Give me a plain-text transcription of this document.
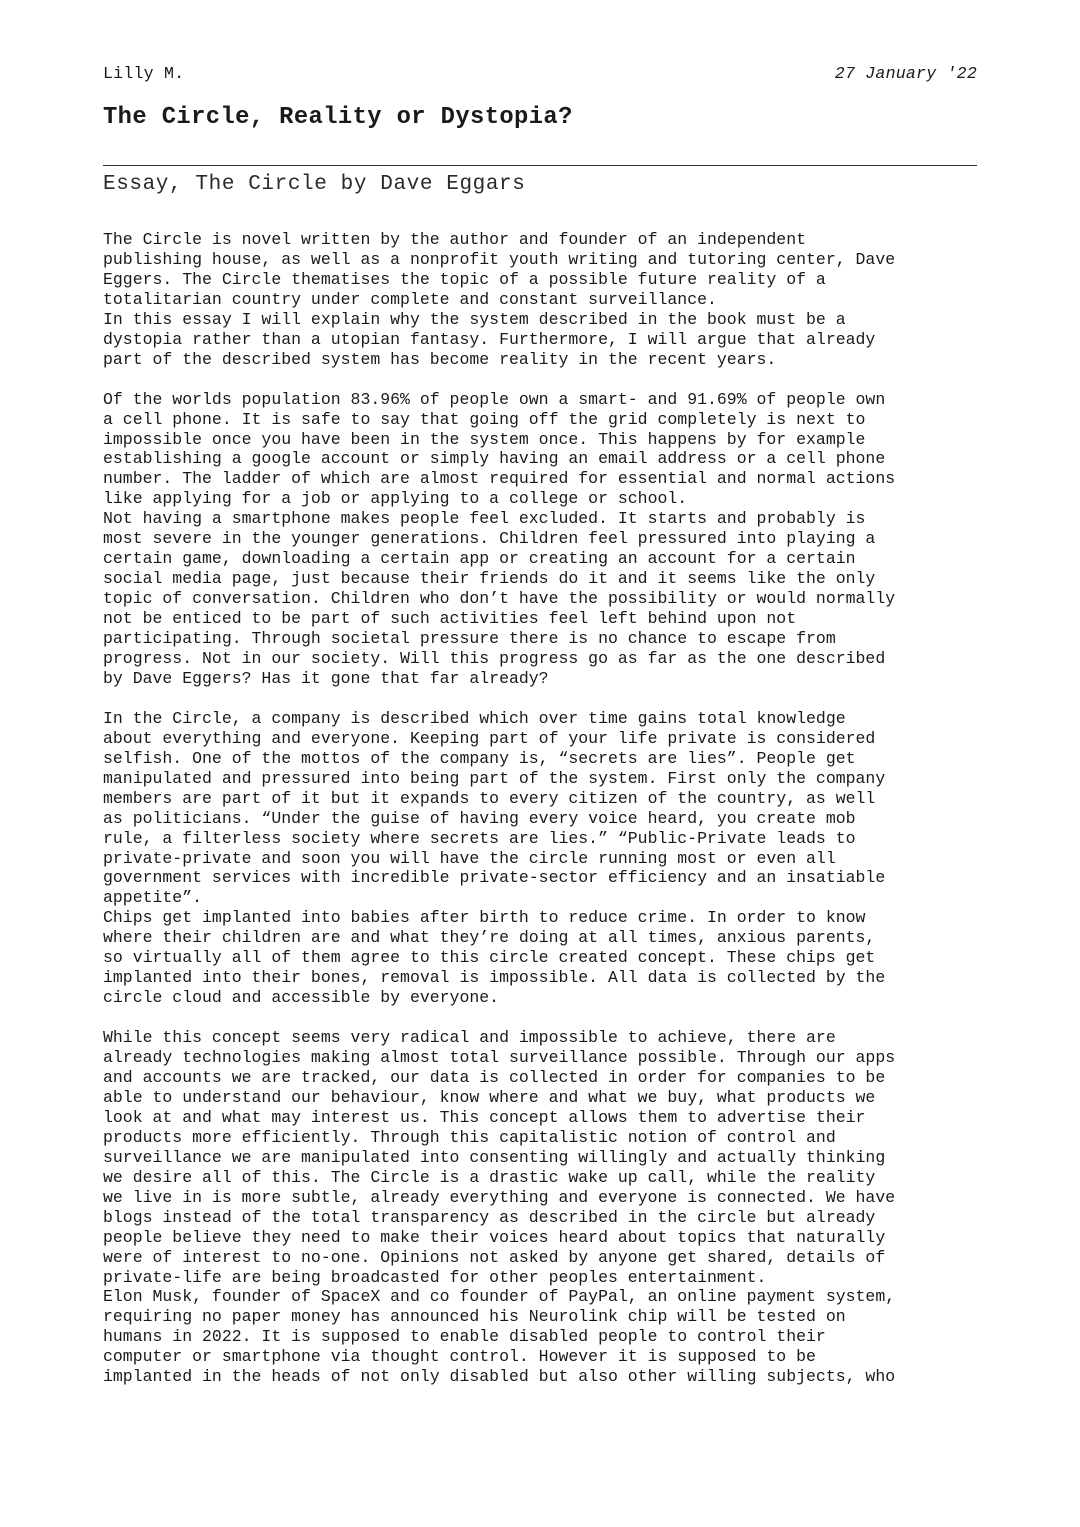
Lilly M.	27 January '22
The Circle, Reality or Dystopia?
Essay, The Circle by Dave Eggars

The Circle is novel written by the author and founder of an independent
publishing house, as well as a nonprofit youth writing and tutoring center, Dave
Eggers. The Circle thematises the topic of a possible future reality of a
totalitarian country under complete and constant surveillance.
In this essay I will explain why the system described in the book must be a
dystopia rather than a utopian fantasy. Furthermore, I will argue that already
part of the described system has become reality in the recent years.

Of the worlds population 83.96% of people own a smart- and 91.69% of people own
a cell phone. It is safe to say that going off the grid completely is next to
impossible once you have been in the system once. This happens by for example
establishing a google account or simply having an email address or a cell phone
number. The ladder of which are almost required for essential and normal actions
like applying for a job or applying to a college or school.
Not having a smartphone makes people feel excluded. It starts and probably is
most severe in the younger generations. Children feel pressured into playing a
certain game, downloading a certain app or creating an account for a certain
social media page, just because their friends do it and it seems like the only
topic of conversation. Children who don’t have the possibility or would normally
not be enticed to be part of such activities feel left behind upon not
participating. Through societal pressure there is no chance to escape from
progress. Not in our society. Will this progress go as far as the one described
by Dave Eggers? Has it gone that far already?

In the Circle, a company is described which over time gains total knowledge
about everything and everyone. Keeping part of your life private is considered
selfish. One of the mottos of the company is, “secrets are lies”. People get
manipulated and pressured into being part of the system. First only the company
members are part of it but it expands to every citizen of the country, as well
as politicians. “Under the guise of having every voice heard, you create mob
rule, a filterless society where secrets are lies.” “Public-Private leads to
private-private and soon you will have the circle running most or even all
government services with incredible private-sector efficiency and an insatiable
appetite”.
Chips get implanted into babies after birth to reduce crime. In order to know
where their children are and what they’re doing at all times, anxious parents,
so virtually all of them agree to this circle created concept. These chips get
implanted into their bones, removal is impossible. All data is collected by the
circle cloud and accessible by everyone.

While this concept seems very radical and impossible to achieve, there are
already technologies making almost total surveillance possible. Through our apps
and accounts we are tracked, our data is collected in order for companies to be
able to understand our behaviour, know where and what we buy, what products we
look at and what may interest us. This concept allows them to advertise their
products more efficiently. Through this capitalistic notion of control and
surveillance we are manipulated into consenting willingly and actually thinking
we desire all of this. The Circle is a drastic wake up call, while the reality
we live in is more subtle, already everything and everyone is connected. We have
blogs instead of the total transparency as described in the circle but already
people believe they need to make their voices heard about topics that naturally
were of interest to no-one. Opinions not asked by anyone get shared, details of
private-life are being broadcasted for other peoples entertainment.
Elon Musk, founder of SpaceX and co founder of PayPal, an online payment system,
requiring no paper money has announced his Neurolink chip will be tested on
humans in 2022. It is supposed to enable disabled people to control their
computer or smartphone via thought control. However it is supposed to be
implanted in the heads of not only disabled but also other willing subjects, who
